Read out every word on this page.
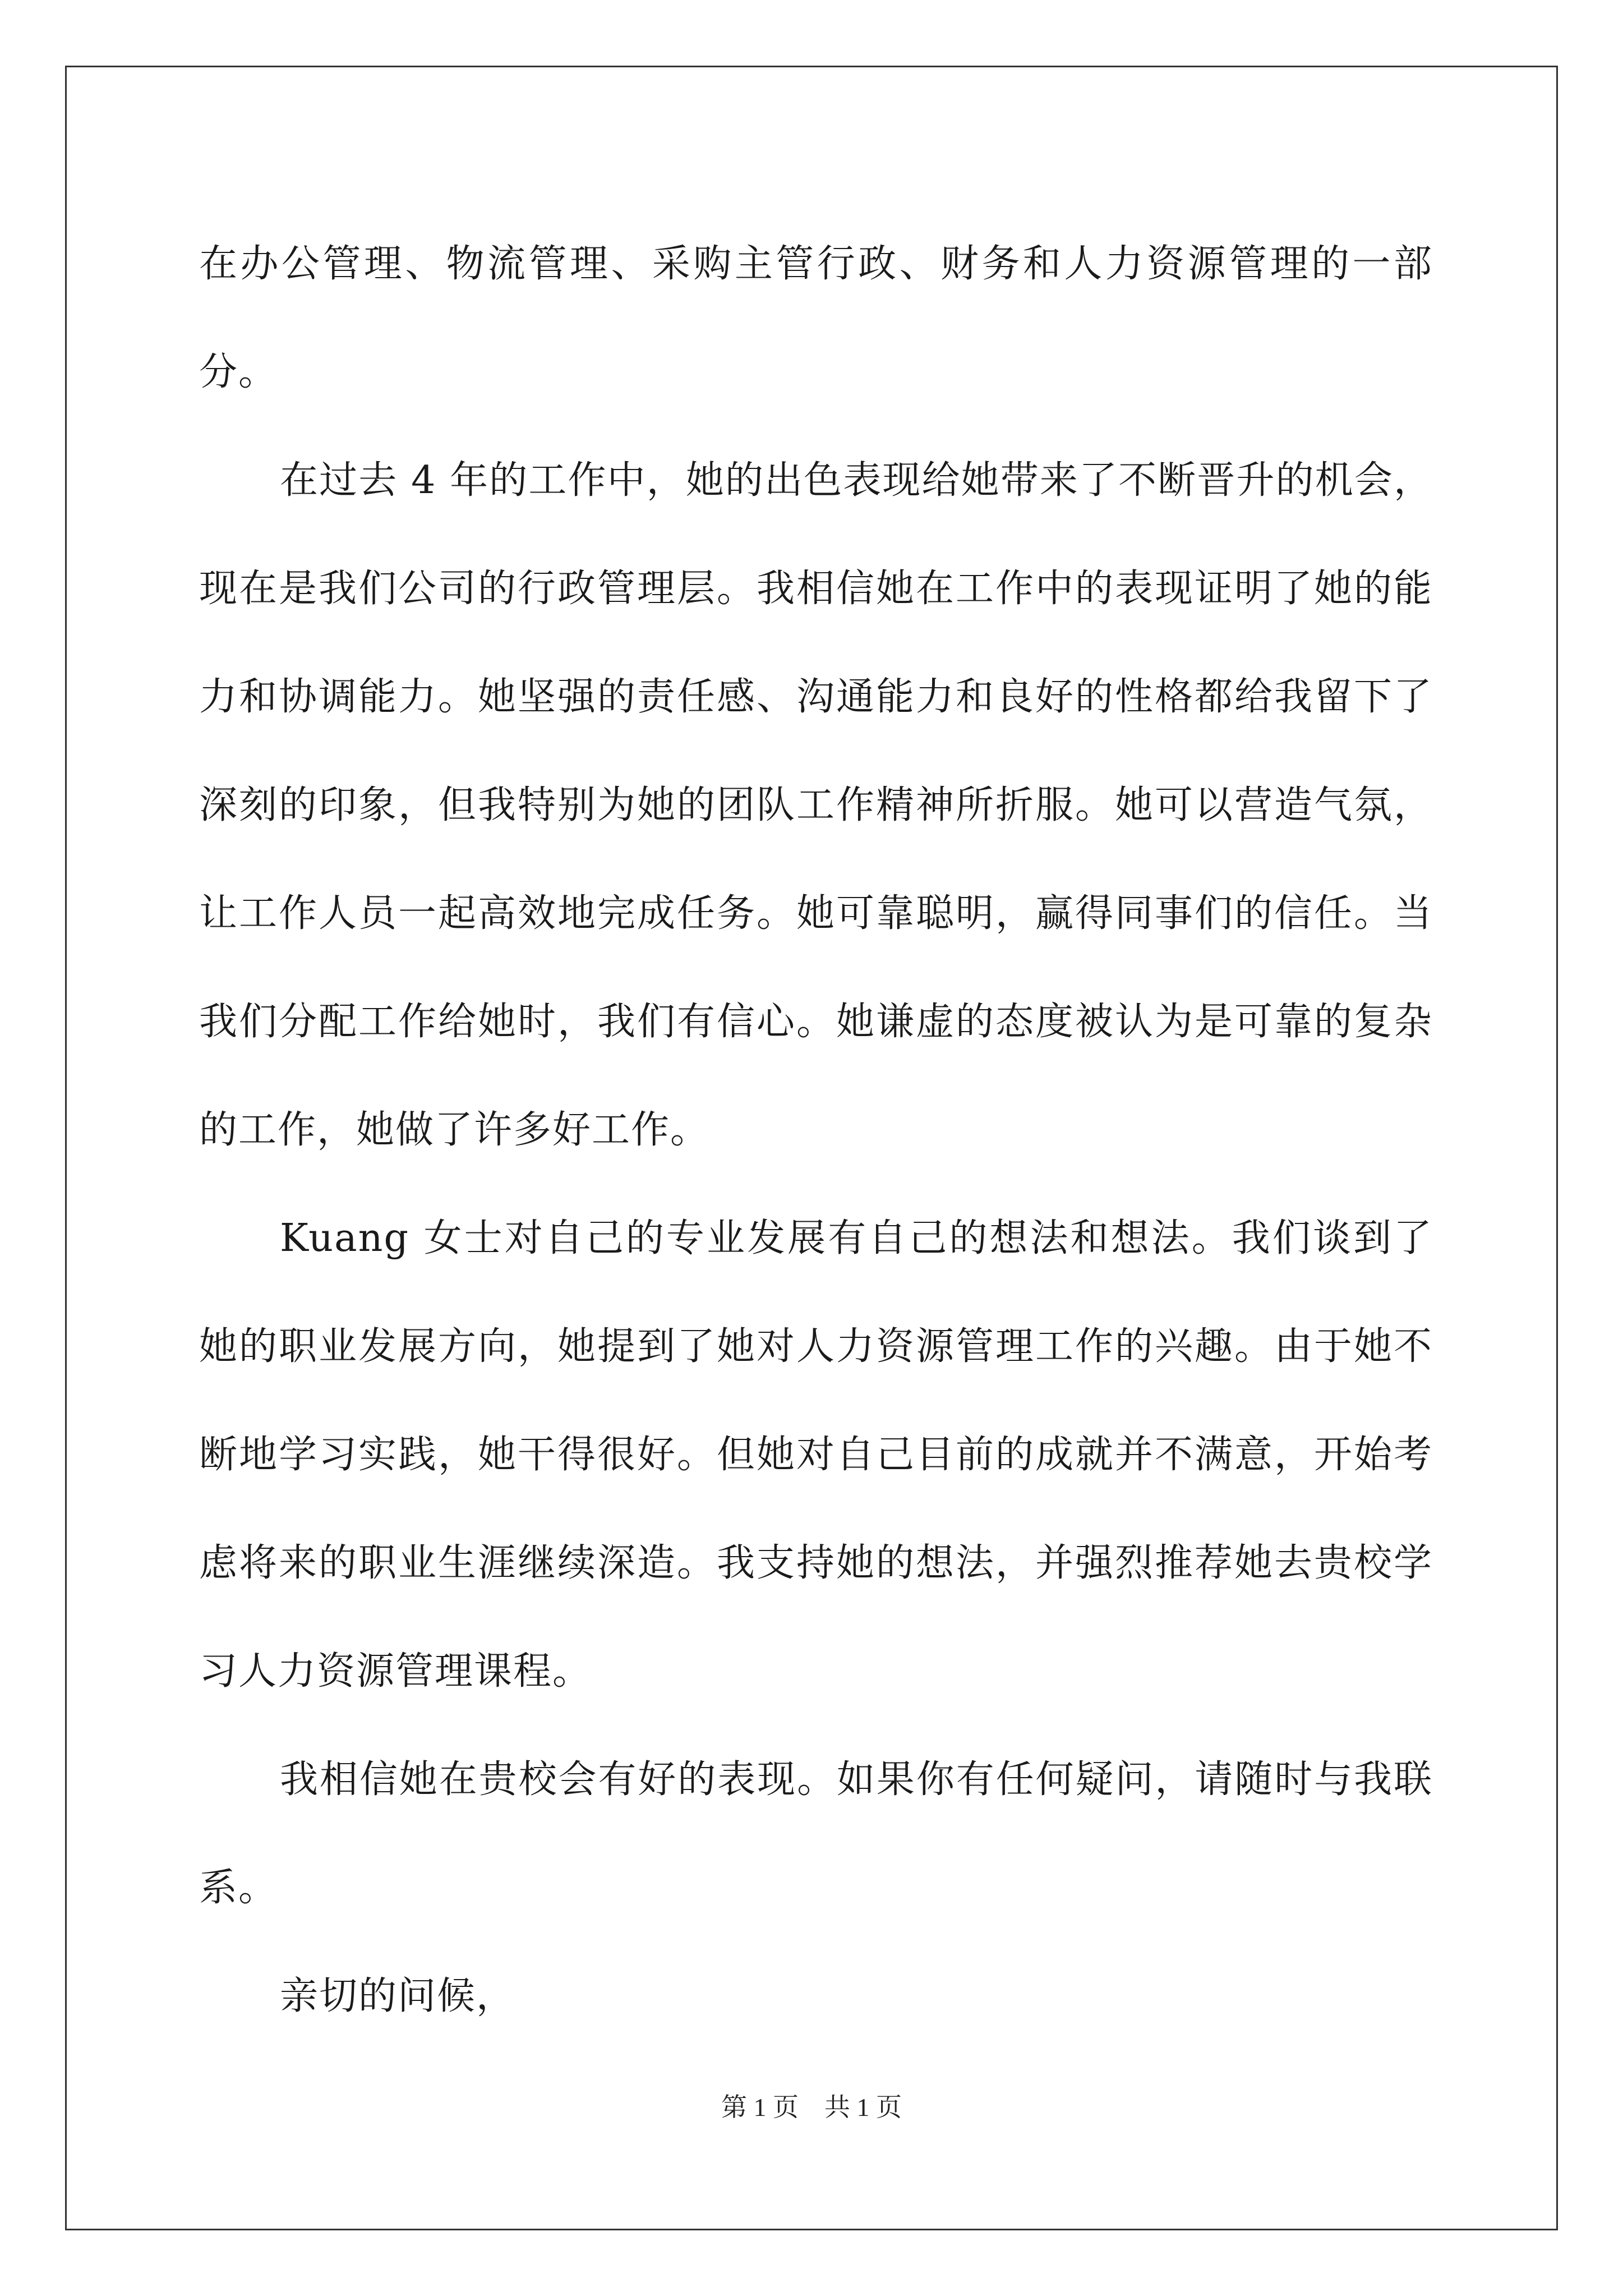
在办公管理、物流管理、采购主管行政、财务和人力资源管理的一部分。

在过去 4 年的工作中，她的出色表现给她带来了不断晋升的机会，现在是我们公司的行政管理层。我相信她在工作中的表现证明了她的能力和协调能力。她坚强的责任感、沟通能力和良好的性格都给我留下了深刻的印象，但我特别为她的团队工作精神所折服。她可以营造气氛，让工作人员一起高效地完成任务。她可靠聪明，赢得同事们的信任。当我们分配工作给她时，我们有信心。她谦虚的态度被认为是可靠的复杂的工作，她做了许多好工作。

Kuang 女士对自己的专业发展有自己的想法和想法。我们谈到了她的职业发展方向，她提到了她对人力资源管理工作的兴趣。由于她不断地学习实践，她干得很好。但她对自己目前的成就并不满意，开始考虑将来的职业生涯继续深造。我支持她的想法，并强烈推荐她去贵校学习人力资源管理课程。

我相信她在贵校会有好的表现。如果你有任何疑问，请随时与我联系。

亲切的问候，

第 1 页 共 1 页
